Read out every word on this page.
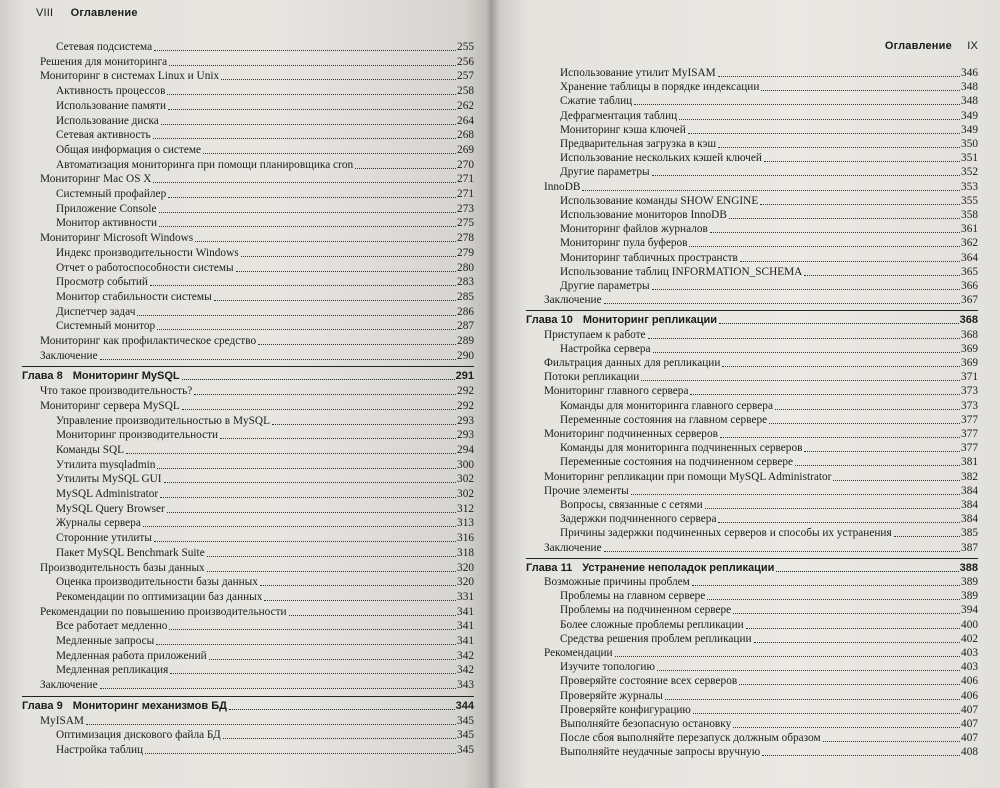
VIII Оглавление
Сетевая подсистема	255
Решения для мониторинга	256
Мониторинг в системах Linux и Unix	257
Активность процессов	258
Использование памяти	262
Использование диска	264
Сетевая активность	268
Общая информация о системе	269
Автоматизация мониторинга при помощи планировщика cron	270
Мониторинг Mac OS X	271
Системный профайлер	271
Приложение Console	273
Монитор активности	275
Мониторинг Microsoft Windows	278
Индекс производительности Windows	279
Отчет о работоспособности системы	280
Просмотр событий	283
Монитор стабильности системы	285
Диспетчер задач	286
Системный монитор	287
Мониторинг как профилактическое средство	289
Заключение	290
Глава 8 Мониторинг MySQL	291
Что такое производительность?	292
Мониторинг сервера MySQL	292
Управление производительностью в MySQL	293
Мониторинг производительности	293
Команды SQL	294
Утилита mysqladmin	300
Утилиты MySQL GUI	302
MySQL Administrator	302
MySQL Query Browser	312
Журналы сервера	313
Сторонние утилиты	316
Пакет MySQL Benchmark Suite	318
Производительность базы данных	320
Оценка производительности базы данных	320
Рекомендации по оптимизации баз данных	331
Рекомендации по повышению производительности	341
Все работает медленно	341
Медленные запросы	341
Медленная работа приложений	342
Медленная репликация	342
Заключение	343
Глава 9 Мониторинг механизмов БД	344
MyISAM	345
Оптимизация дискового файла БД	345
Настройка таблиц	345
Оглавление IX
Использование утилит MyISAM	346
Хранение таблицы в порядке индексации	348
Сжатие таблиц	348
Дефрагментация таблиц	349
Мониторинг кэша ключей	349
Предварительная загрузка в кэш	350
Использование нескольких кэшей ключей	351
Другие параметры	352
InnoDB	353
Использование команды SHOW ENGINE	355
Использование мониторов InnoDB	358
Мониторинг файлов журналов	361
Мониторинг пула буферов	362
Мониторинг табличных пространств	364
Использование таблиц INFORMATION_SCHEMA	365
Другие параметры	366
Заключение	367
Глава 10 Мониторинг репликации	368
Приступаем к работе	368
Настройка сервера	369
Фильтрация данных для репликации	369
Потоки репликации	371
Мониторинг главного сервера	373
Команды для мониторинга главного сервера	373
Переменные состояния на главном сервере	377
Мониторинг подчиненных серверов	377
Команды для мониторинга подчиненных серверов	377
Переменные состояния на подчиненном сервере	381
Мониторинг репликации при помощи MySQL Administrator	382
Прочие элементы	384
Вопросы, связанные с сетями	384
Задержки подчиненного сервера	384
Причины задержки подчиненных серверов и способы их устранения	385
Заключение	387
Глава 11 Устранение неполадок репликации	388
Возможные причины проблем	389
Проблемы на главном сервере	389
Проблемы на подчиненном сервере	394
Более сложные проблемы репликации	400
Средства решения проблем репликации	402
Рекомендации	403
Изучите топологию	403
Проверяйте состояние всех серверов	406
Проверяйте журналы	406
Проверяйте конфигурацию	407
Выполняйте безопасную остановку	407
После сбоя выполняйте перезапуск должным образом	407
Выполняйте неудачные запросы вручную	408
